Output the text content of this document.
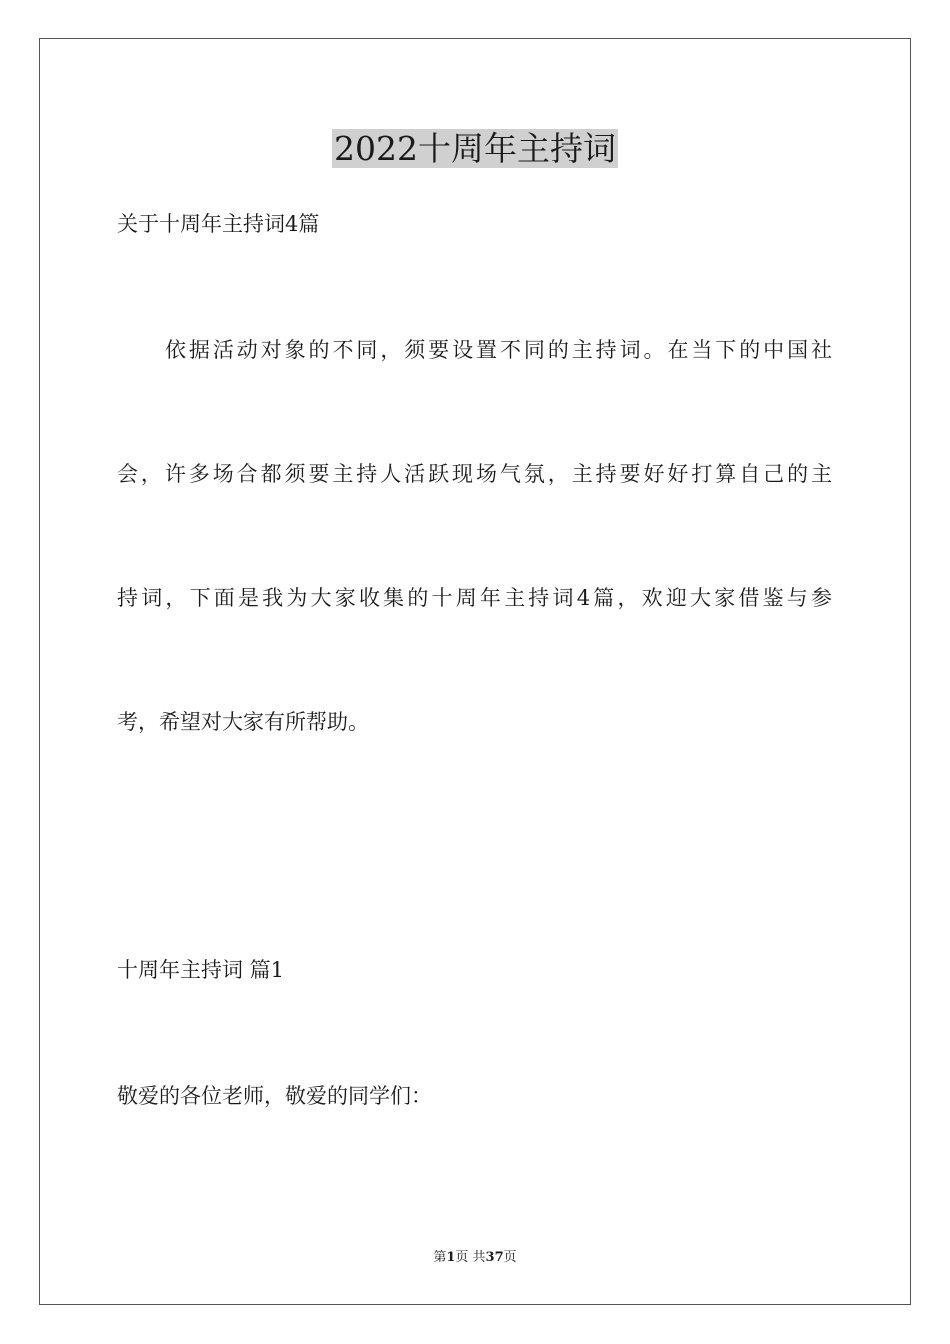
2022十周年主持词
关于十周年主持词4篇
依据活动对象的不同，须要设置不同的主持词。在当下的中国社
会，许多场合都须要主持人活跃现场气氛，主持要好好打算自己的主
持词，下面是我为大家收集的十周年主持词4篇，欢迎大家借鉴与参
考，希望对大家有所帮助。
十周年主持词 篇1
敬爱的各位老师，敬爱的同学们：
第1页 共37页
